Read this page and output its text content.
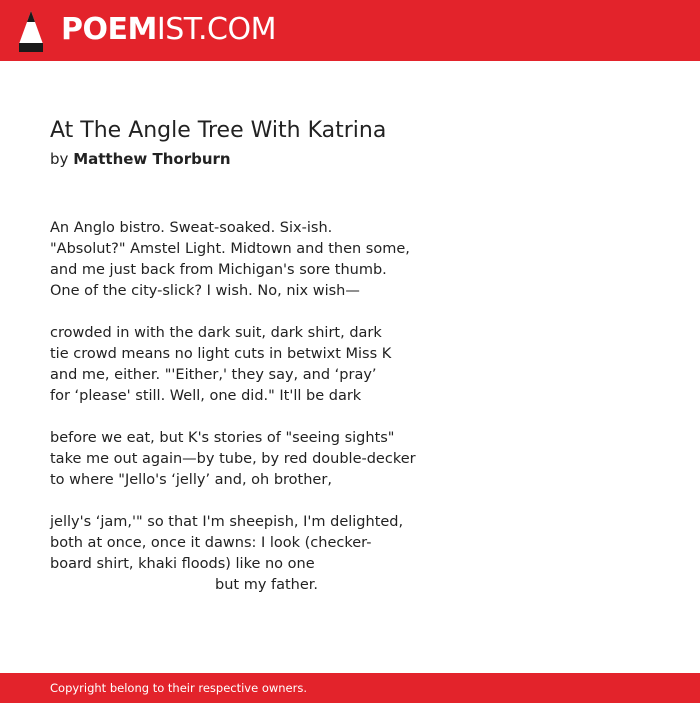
POEMIST.COM
At The Angle Tree With Katrina
by Matthew Thorburn
An Anglo bistro. Sweat-soaked. Six-ish.
"Absolut?" Amstel Light. Midtown and then some,
and me just back from Michigan's sore thumb.
One of the city-slick? I wish. No, nix wish—
crowded in with the dark suit, dark shirt, dark
tie crowd means no light cuts in betwixt Miss K
and me, either. "'Either,' they say, and ‘pray’
for ‘please' still. Well, one did." It'll be dark
before we eat, but K's stories of "seeing sights"
take me out again—by tube, by red double-decker
to where "Jello's ‘jelly’ and, oh brother,
jelly's ‘jam,'" so that I'm sheepish, I'm delighted,
both at once, once it dawns: I look (checker-
board shirt, khaki floods) like no one
but my father.
Copyright belong to their respective owners.
